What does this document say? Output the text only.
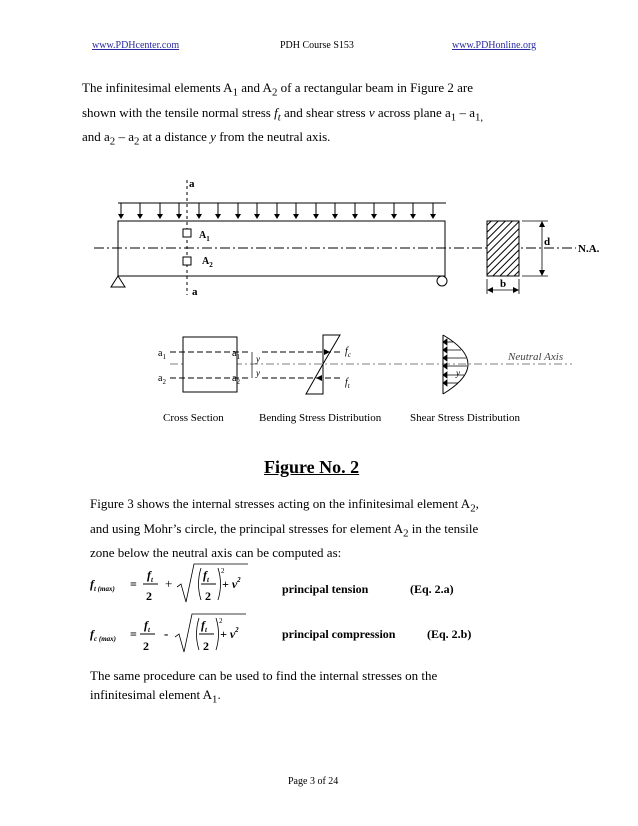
www.PDHcenter.com	PDH Course S153	www.PDHonline.org
The infinitesimal elements $A_1$ and $A_2$ of a rectangular beam in Figure 2 are
shown with the tensile normal stress $f_t$ and shear stress v across plane $a_1 - a_{1,}$
and $a_2 - a_2$ at a distance y from the neutral axis.
a
a
$A_1$
$A_2$
N.A.
d
b
$a_1$	$a_1$
$a_2$	$a_2$
y
y
$f_c$
$f_t$
y
Neutral Axis
Cross Section	Bending Stress Distribution	Shear Stress Distribution
Figure No. 2
Figure 3 shows the internal stresses acting on the infinitesimal element $A_2$,
and using Mohr’s circle, the principal stresses for element $A_2$ in the tensile
zone below the neutral axis can be computed as:
$f_{t (max)}$ =
$f_t$
2
+
$f_t$
2
2
+ $v^2$
principal tension	(Eq. 2.a)
$f_{c (max)}$ =
$f_t$
2
-
$f_t$
2
2
+ $v^2$	principal compression	(Eq. 2.b)
The same procedure can be used to find the internal stresses on the
infinitesimal element $A_1$.
Page 3 of 24
